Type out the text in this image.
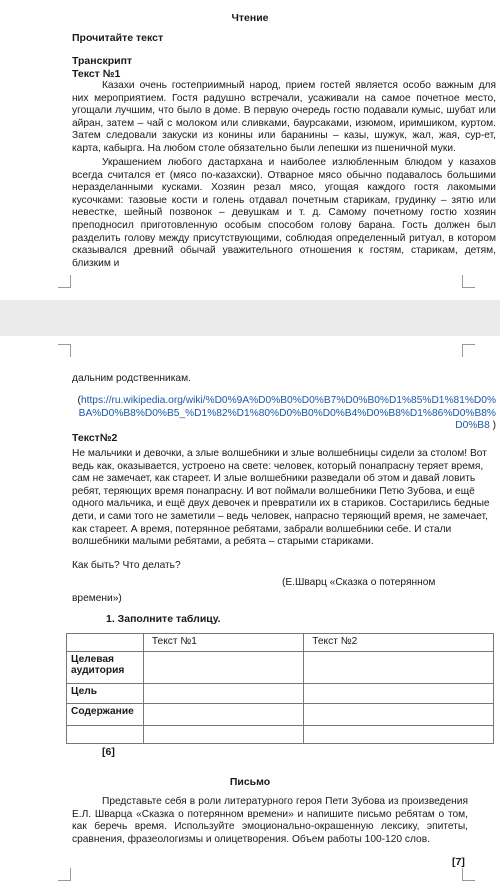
Чтение
Прочитайте текст
Транскрипт
Текст №1
Казахи очень гостеприимный народ, прием гостей является особо важным для них мероприятием. Гостя радушно встречали, усаживали на самое почетное место, угощали лучшим, что было в доме. В первую очередь гостю подавали кумыс, шубат или айран, затем – чай с молоком или сливками, баурсаками, изюмом, иримшиком, куртом. Затем следовали закуски из конины или баранины – казы, шужук, жал, жая, сур-ет, карта, кабырга. На любом столе обязательно были лепешки из пшеничной муки.
Украшением любого дастархана и наиболее излюбленным блюдом у казахов всегда считался ет (мясо по-казахски). Отварное мясо обычно подавалось большими неразделанными кусками. Хозяин резал мясо, угощая каждого гостя лакомыми кусочками: тазовые кости и голень отдавал почетным старикам, грудинку – зятю или невестке, шейный позвонок – девушкам и т. д. Самому почетному гостю хозяин преподносил приготовленную особым способом голову барана. Гость должен был разделить голову между присутствующими, соблюдая определенный ритуал, в котором сказывался древний обычай уважительного отношения к гостям, старикам, детям, близким и
дальним родственникам.
(https://ru.wikipedia.org/wiki/%D0%9A%D0%B0%D0%B7%D0%B0%D1%85%D1%81%D0%BA%D0%B8%D0%B5_%D1%82%D1%80%D0%B0%D0%B4%D0%B8%D1%86%D0%B8%D0%B8 )
Текст№2
Не мальчики и девочки, а злые волшебники и злые волшебницы сидели за столом! Вот ведь как, оказывается, устроено на свете: человек, который понапрасну теряет время, сам не замечает, как стареет. И злые волшебники разведали об этом и давай ловить ребят, теряющих время понапрасну. И вот поймали волшебники Петю Зубова, и ещё одного мальчика, и ещё двух девочек и превратили их в стариков. Состарились бедные дети, и сами того не заметили – ведь человек, напрасно теряющий время, не замечает, как стареет. А время, потерянное ребятами, забрали волшебники себе. И стали волшебники малыми ребятами, а ребята – старыми стариками.
Как быть? Что делать?
(Е.Шварц «Сказка о потерянном
времени»)
1. Заполните таблицу.
	Текст №1	Текст №2
Целевая аудитория		
Цель		
Содержание		

[6]
Письмо
Представьте себя в роли литературного героя Пети Зубова из произведения Е.Л. Шварца «Сказка о потерянном времени» и напишите письмо ребятам о том, как беречь время. Используйте эмоционально-окрашенную лексику, эпитеты, сравнения, фразеологизмы и олицетворения. Объем работы 100-120 слов.
[7]
